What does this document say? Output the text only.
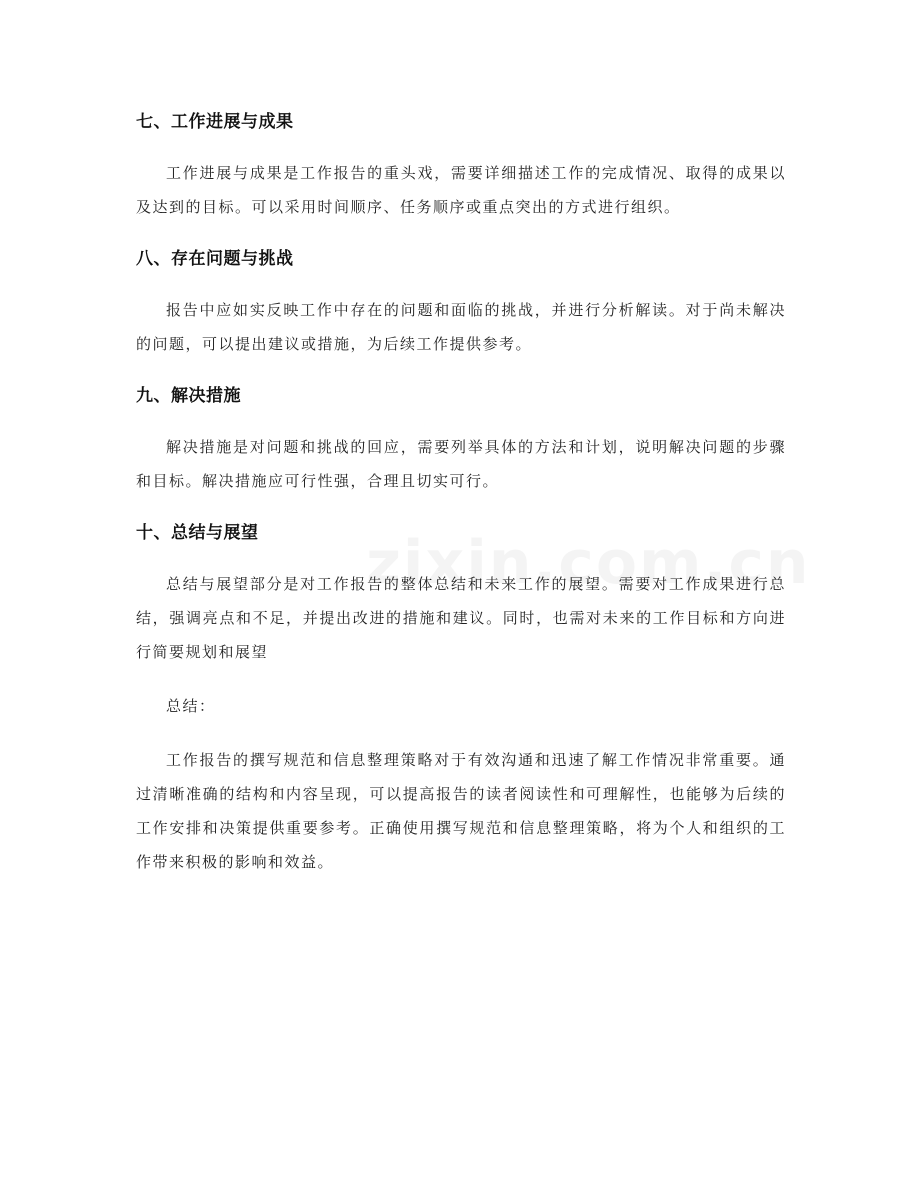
七、工作进展与成果

工作进展与成果是工作报告的重头戏，需要详细描述工作的完成情况、取得的成果以及达到的目标。可以采用时间顺序、任务顺序或重点突出的方式进行组织。

八、存在问题与挑战

报告中应如实反映工作中存在的问题和面临的挑战，并进行分析解读。对于尚未解决的问题，可以提出建议或措施，为后续工作提供参考。

九、解决措施

解决措施是对问题和挑战的回应，需要列举具体的方法和计划，说明解决问题的步骤和目标。解决措施应可行性强，合理且切实可行。

十、总结与展望

总结与展望部分是对工作报告的整体总结和未来工作的展望。需要对工作成果进行总结，强调亮点和不足，并提出改进的措施和建议。同时，也需对未来的工作目标和方向进行简要规划和展望

总结：

工作报告的撰写规范和信息整理策略对于有效沟通和迅速了解工作情况非常重要。通过清晰准确的结构和内容呈现，可以提高报告的读者阅读性和可理解性，也能够为后续的工作安排和决策提供重要参考。正确使用撰写规范和信息整理策略，将为个人和组织的工作带来积极的影响和效益。
